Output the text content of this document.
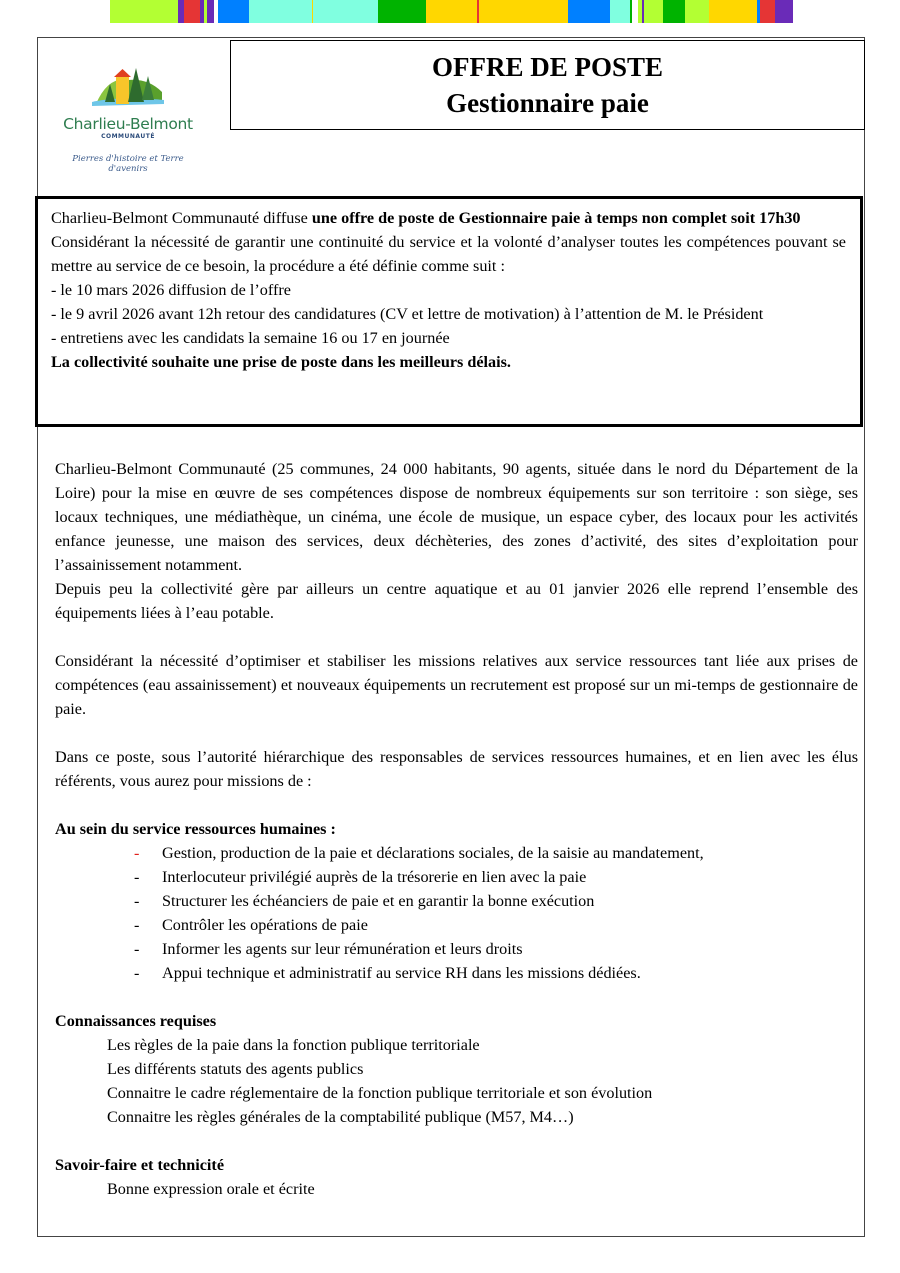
Charlieu-Belmont
COMMUNAUTÉ
Pierres d'histoire et Terre d'avenirs
OFFRE DE POSTE
Gestionnaire paie

Charlieu-Belmont Communauté diffuse une offre de poste de Gestionnaire paie à temps non complet soit 17h30

Considérant la nécessité de garantir une continuité du service et la volonté d’analyser toutes les compétences pouvant se mettre au service de ce besoin, la procédure a été définie comme suit :

- le 10 mars 2026 diffusion de l’offre

- le 9 avril 2026 avant 12h retour des candidatures (CV et lettre de motivation) à l’attention de M. le Président

- entretiens avec les candidats la semaine 16 ou 17 en journée

La collectivité souhaite une prise de poste dans les meilleurs délais.

Charlieu-Belmont Communauté (25 communes, 24 000 habitants, 90 agents, située dans le nord du Département de la Loire) pour la mise en œuvre de ses compétences dispose de nombreux équipements sur son territoire : son siège, ses locaux techniques, une médiathèque, un cinéma, une école de musique, un espace cyber, des locaux pour les activités enfance jeunesse, une maison des services, deux déchèteries, des zones d’activité, des sites d’exploitation pour l’assainissement notamment.

Depuis peu la collectivité gère par ailleurs un centre aquatique et au 01 janvier 2026 elle reprend l’ensemble des équipements liées à l’eau potable.

Considérant la nécessité d’optimiser et stabiliser les missions relatives aux service ressources tant liée aux prises de compétences (eau assainissement) et nouveaux équipements un recrutement est proposé sur un mi-temps de gestionnaire de paie.

Dans ce poste, sous l’autorité hiérarchique des responsables de services ressources humaines, et en lien avec les élus référents, vous aurez pour missions de :

Au sein du service ressources humaines :

- Gestion, production de la paie et déclarations sociales, de la saisie au mandatement,
- Interlocuteur privilégié auprès de la trésorerie en lien avec la paie
- Structurer les échéanciers de paie et en garantir la bonne exécution
- Contrôler les opérations de paie
- Informer les agents sur leur rémunération et leurs droits
- Appui technique et administratif au service RH dans les missions dédiées.

Connaissances requises

Les règles de la paie dans la fonction publique territoriale

Les différents statuts des agents publics

Connaitre le cadre réglementaire de la fonction publique territoriale et son évolution

Connaitre les règles générales de la comptabilité publique (M57, M4…)

Savoir-faire et technicité

Bonne expression orale et écrite
